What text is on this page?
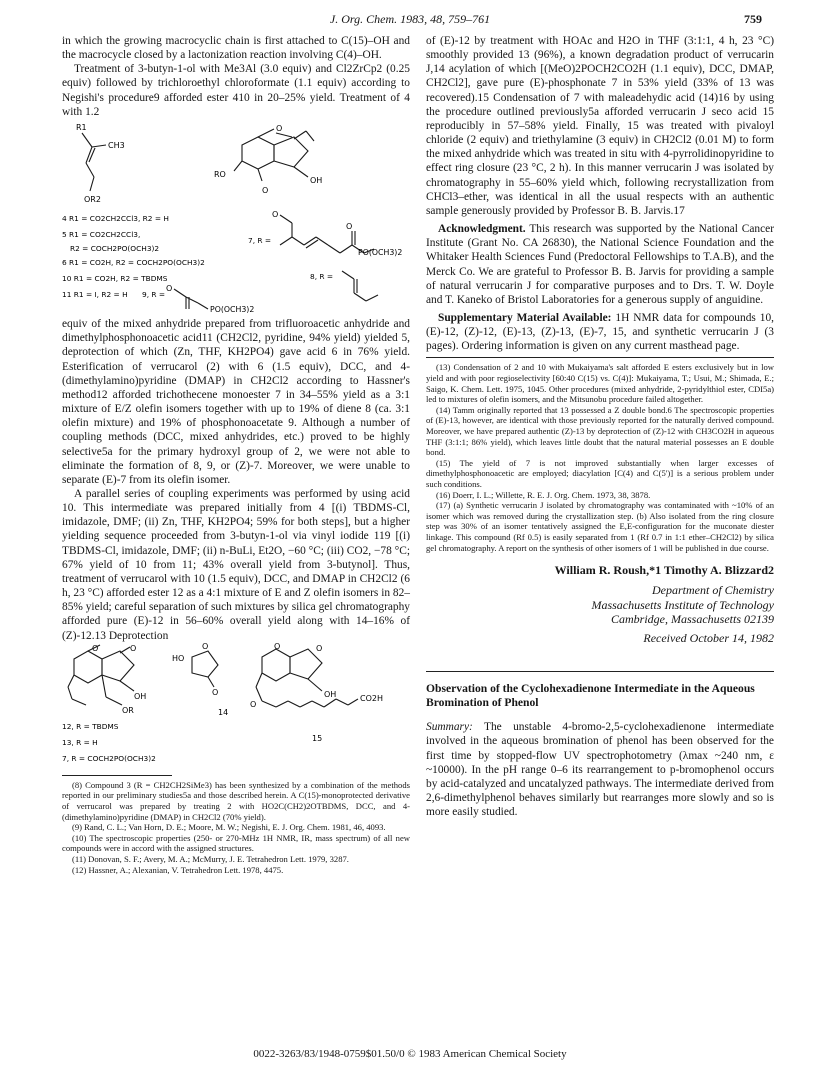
J. Org. Chem. 1983, 48, 759–761	759

in which the growing macrocyclic chain is first attached to C(15)–OH and the macrocycle closed by a lactonization reaction involving C(4)–OH.

Treatment of 3-butyn-1-ol with Me3Al (3.0 equiv) and Cl2ZrCp2 (0.25 equiv) followed by trichloroethyl chloroformate (1.1 equiv) according to Negishi's procedure9 afforded ester 410 in 20–25% yield. Treatment of 4 with 1.2

R1
CH3
OR2
RO
OH
O
O
4 R1 = CO2CH2CCl3, R2 = H
5 R1 = CO2CH2CCl3,
R2 = COCH2PO(OCH3)2
6 R1 = CO2H, R2 = COCH2PO(OCH3)2
10 R1 = CO2H, R2 = TBDMS
11 R1 = I, R2 = H
7, R =
8, R =
9, R =
PO(OCH3)2
PO(OCH3)2
O
O
O

equiv of the mixed anhydride prepared from trifluoroacetic anhydride and dimethylphosphonoacetic acid11 (CH2Cl2, pyridine, 94% yield) yielded 5, deprotection of which (Zn, THF, KH2PO4) gave acid 6 in 76% yield. Esterification of verrucarol (2) with 6 (1.5 equiv), DCC, and 4-(dimethylamino)pyridine (DMAP) in CH2Cl2 according to Hassner's method12 afforded trichothecene monoester 7 in 34–55% yield as a 3:1 mixture of E/Z olefin isomers together with up to 19% of diene 8 (ca. 3:1 olefin mixture) and 19% of phosphonoacetate 9. Although a number of coupling methods (DCC, mixed anhydrides, etc.) proved to be highly selective5a for the primary hydroxyl group of 2, we were not able to eliminate the formation of 8, 9, or (Z)-7. Moreover, we were unable to separate (E)-7 from its olefin isomer.

A parallel series of coupling experiments was performed by using acid 10. This intermediate was prepared initially from 4 [(i) TBDMS-Cl, imidazole, DMF; (ii) Zn, THF, KH2PO4; 59% for both steps], but a higher yielding sequence proceeded from 3-butyn-1-ol via vinyl iodide 119 [(i) TBDMS-Cl, imidazole, DMF; (ii) n-BuLi, Et2O, −60 °C; (iii) CO2, −78 °C; 67% yield of 10 from 11; 43% overall yield from 3-butynol]. Thus, treatment of verrucarol with 10 (1.5 equiv), DCC, and DMAP in CH2Cl2 (6 h, 23 °C) afforded ester 12 as a 4:1 mixture of E and Z olefin isomers in 82–85% yield; careful separation of such mixtures by silica gel chromatography afforded pure (E)-12 in 56–60% overall yield along with 14–16% of (Z)-12.13 Deprotection

O	O
OH
OR
HO
O
O
14
O	O
O
OH	CO2H
15
12, R = TBDMS
13, R = H
7, R = COCH2PO(OCH3)2

(8) Compound 3 (R = CH2CH2SiMe3) has been synthesized by a combination of the methods reported in our preliminary studies5a and those described herein. A C(15)-monoprotected derivative of verrucarol was prepared by treating 2 with HO2C(CH2)2OTBDMS, DCC, and 4-(dimethylamino)pyridine (DMAP) in CH2Cl2 (70% yield).

(9) Rand, C. L.; Van Horn, D. E.; Moore, M. W.; Negishi, E. J. Org. Chem. 1981, 46, 4093.

(10) The spectroscopic properties (250- or 270-MHz 1H NMR, IR, mass spectrum) of all new compounds were in accord with the assigned structures.

(11) Donovan, S. F.; Avery, M. A.; McMurry, J. E. Tetrahedron Lett. 1979, 3287.

(12) Hassner, A.; Alexanian, V. Tetrahedron Lett. 1978, 4475.

of (E)-12 by treatment with HOAc and H2O in THF (3:1:1, 4 h, 23 °C) smoothly provided 13 (96%), a known degradation product of verrucarin J,14 acylation of which [(MeO)2POCH2CO2H (1.1 equiv), DCC, DMAP, CH2Cl2], gave pure (E)-phosphonate 7 in 53% yield (33% of 13 was recovered).15 Condensation of 7 with maleadehydic acid (14)16 by using the procedure outlined previously5a afforded verrucarin J seco acid 15 reproducibly in 57–58% yield. Finally, 15 was treated with pivaloyl chloride (2 equiv) and triethylamine (3 equiv) in CH2Cl2 (0.01 M) to form the mixed anhydride which was treated in situ with 4-pyrrolidinopyridine to effect ring closure (23 °C, 2 h). In this manner verrucarin J was isolated by chromatography in 55–60% yield which, following recrystallization from CHCl3–ether, was identical in all the usual respects with an authentic sample generously provided by Professor B. B. Jarvis.17

Acknowledgment. This research was supported by the National Cancer Institute (Grant No. CA 26830), the National Science Foundation and the Whitaker Health Sciences Fund (Predoctoral Fellowships to T.A.B), and the Merck Co. We are grateful to Professor B. B. Jarvis for providing a sample of natural verrucarin J for comparative purposes and to Drs. T. W. Doyle and T. Kaneko of Bristol Laboratories for a generous supply of anguidine.

Supplementary Material Available: 1H NMR data for compounds 10, (E)-12, (Z)-12, (E)-13, (Z)-13, (E)-7, 15, and synthetic verrucarin J (3 pages). Ordering information is given on any current masthead page.

(13) Condensation of 2 and 10 with Mukaiyama's salt afforded E esters exclusively but in low yield and with poor regioselectivity [60:40 C(15) vs. C(4)]: Mukaiyama, T.; Usui, M.; Shimada, E.; Saigo, K. Chem. Lett. 1975, 1045. Other procedures (mixed anhydride, 2-pyridylthiol ester, CDI5a) led to mixtures of olefin isomers, and the Mitsunobu procedure failed altogether.

(14) Tamm originally reported that 13 possessed a Z double bond.6 The spectroscopic properties of (E)-13, however, are identical with those previously reported for the naturally derived compound. Moreover, we have prepared authentic (Z)-13 by deprotection of (Z)-12 with CH3CO2H in aqueous THF (3:1:1; 86% yield), which leaves little doubt that the natural material possesses an E double bond.

(15) The yield of 7 is not improved substantially when larger excesses of dimethylphosphonoacetic are employed; diacylation [C(4) and C(5')] is a serious problem under such conditions.

(16) Doerr, I. L.; Willette, R. E. J. Org. Chem. 1973, 38, 3878.

(17) (a) Synthetic verrucarin J isolated by chromatography was contaminated with ~10% of an isomer which was removed during the crystallization step. (b) Also isolated from the ring closure step was 30% of an isomer tentatively assigned the E,E-configuration for the muconate diester linkage. This compound (Rf 0.5) is easily separated from 1 (Rf 0.7 in 1:1 ether–CH2Cl2) by silica gel chromatography. A report on the synthesis of other isomers of 1 will be published in due course.

William R. Roush,*1 Timothy A. Blizzard2
Department of Chemistry
Massachusetts Institute of Technology
Cambridge, Massachusetts 02139
Received October 14, 1982
Observation of the Cyclohexadienone Intermediate in the Aqueous Bromination of Phenol

Summary: The unstable 4-bromo-2,5-cyclohexadienone intermediate involved in the aqueous bromination of phenol has been observed for the first time by stopped-flow UV spectrophotometry (λmax ~240 nm, ε ~10000). In the pH range 0–6 its rearrangement to p-bromophenol occurs by acid-catalyzed and uncatalyzed pathways. The intermediate derived from 2,6-dimethylphenol behaves similarly but rearranges more slowly and so is more easily studied.

0022-3263/83/1948-0759$01.50/0 © 1983 American Chemical Society
